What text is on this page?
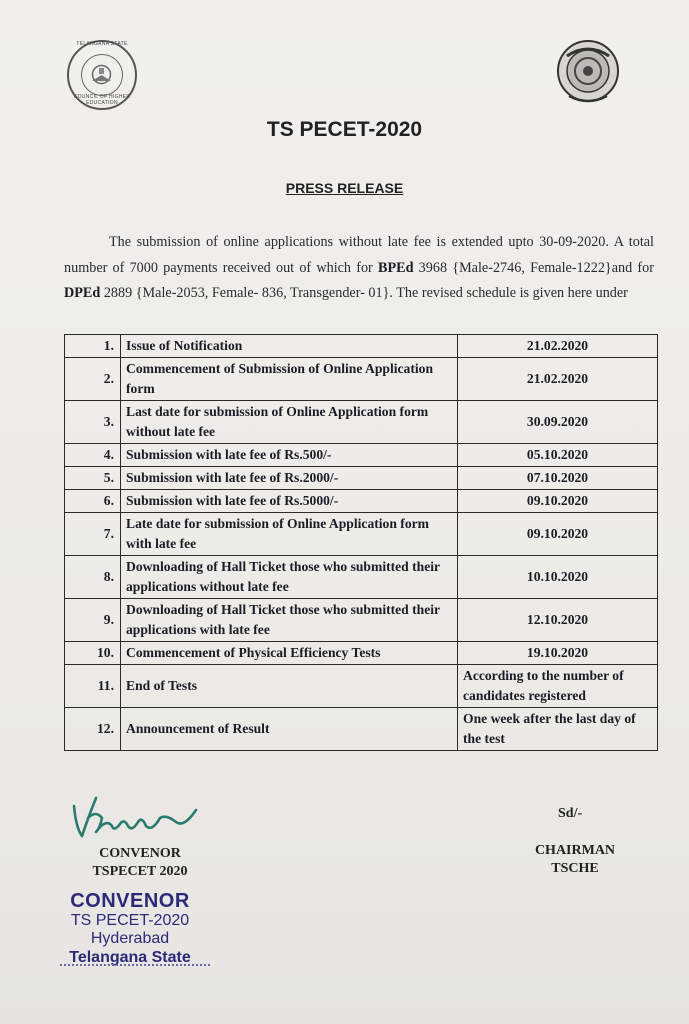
TELANGANA STATE
COUNCIL OF HIGHER EDUCATION
TS PECET-2020
PRESS RELEASE
The submission of online applications without late fee is extended upto 30-09-2020. A total number of 7000 payments received out of which for BPEd 3968 {Male-2746, Female-1222}and for DPEd 2889 {Male-2053, Female- 836, Transgender- 01}. The revised schedule is given here under
1.	Issue of Notification	21.02.2020
2.	Commencement of Submission of Online Application form	21.02.2020
3.	Last date for submission of Online Application form without late fee	30.09.2020
4.	Submission with late fee of Rs.500/-	05.10.2020
5.	Submission with late fee of Rs.2000/-	07.10.2020
6.	Submission with late fee of Rs.5000/-	09.10.2020
7.	Late date for submission of Online Application form with late fee	09.10.2020
8.	Downloading of Hall Ticket those who submitted their applications without late fee	10.10.2020
9.	Downloading of Hall Ticket those who submitted their applications with late fee	12.10.2020
10.	Commencement of Physical Efficiency Tests	19.10.2020
11.	End of Tests	According to the number of candidates registered
12.	Announcement of Result	One week after the last day of the test
CONVENOR
TSPECET 2020
Sd/-
CHAIRMAN
TSCHE
CONVENOR
TS PECET-2020
Hyderabad
Telangana State
